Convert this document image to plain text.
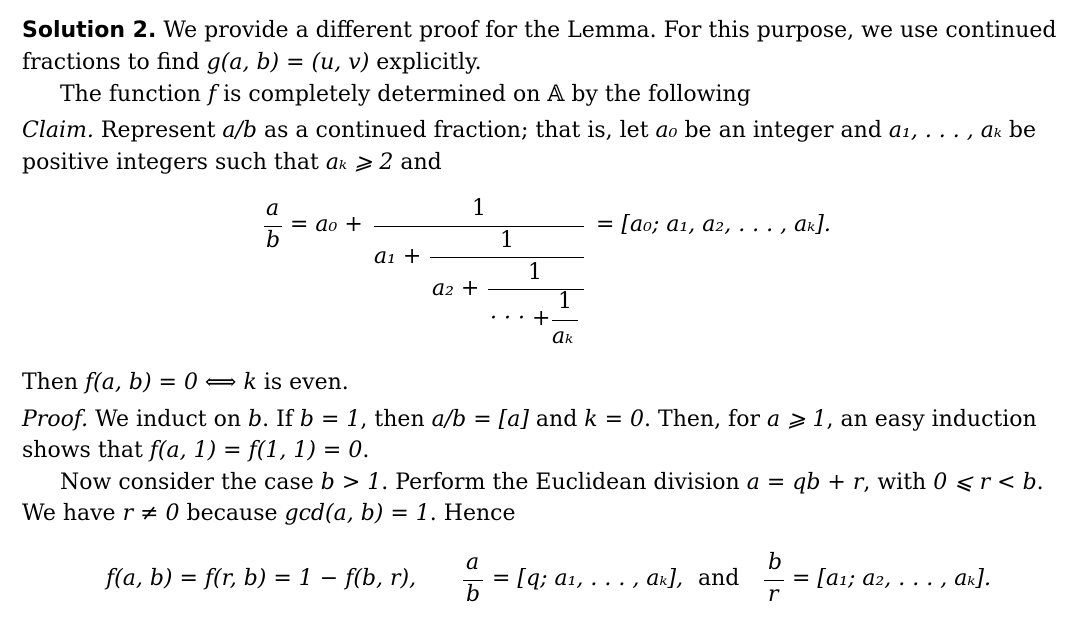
Solution 2. We provide a different proof for the Lemma. For this purpose, we use continued
fractions to find g(a, b) = (u, v) explicitly.
The function f is completely determined on 𝔸 by the following
Claim. Represent a/b as a continued fraction; that is, let a₀ be an integer and a₁, . . . , aₖ be
positive integers such that aₖ ⩾ 2 and
a
b
= a₀ +
1
a₁ +
1
a₂ +
1
· · · +
1
aₖ
= [a₀; a₁, a₂, . . . , aₖ].
Then f(a, b) = 0 ⟺ k is even.
Proof. We induct on b. If b = 1, then a/b = [a] and k = 0. Then, for a ⩾ 1, an easy induction
shows that f(a, 1) = f(1, 1) = 0.
Now consider the case b > 1. Perform the Euclidean division a = qb + r, with 0 ⩽ r < b.
We have r ≠ 0 because gcd(a, b) = 1. Hence
f(a, b) = f(r, b) = 1 − f(b, r),
a
b
= [q; a₁, . . . , aₖ], and
b
r
= [a₁; a₂, . . . , aₖ].
